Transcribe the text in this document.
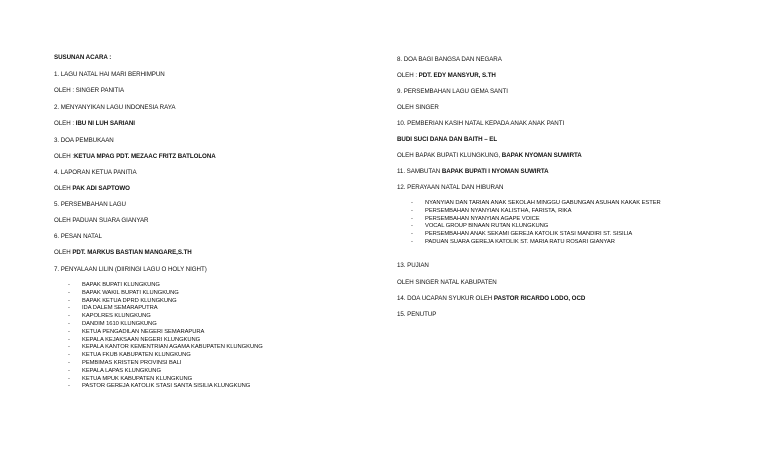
SUSUNAN ACARA :
1. LAGU NATAL HAI MARI BERHIMPUN
OLEH : SINGER PANITIA
2. MENYANYIKAN LAGU INDONESIA RAYA
OLEH : IBU NI LUH SARIANI
3. DOA PEMBUKAAN
OLEH :KETUA MPAG PDT. MEZAAC FRITZ BATLOLONA
4. LAPORAN KETUA PANITIA
OLEH PAK ADI SAPTOWO
5. PERSEMBAHAN LAGU
OLEH PADUAN SUARA GIANYAR
6. PESAN NATAL
OLEH PDT. MARKUS BASTIAN MANGARE,S.TH
7. PENYALAAN LILIN (DIIRINGI LAGU O HOLY NIGHT)
- BAPAK BUPATI KLUNGKUNG
- BAPAK WAKIL BUPATI KLUNGKUNG
- BAPAK KETUA DPRD KLUNGKUNG
- IDA DALEM SEMARAPUTRA
- KAPOLRES KLUNGKUNG
- DANDIM 1610 KLUNGKUNG
- KETUA PENGADILAN NEGERI SEMARAPURA
- KEPALA KEJAKSAAN NEGERI KLUNGKUNG
- KEPALA KANTOR KEMENTRIAN AGAMA KABUPATEN KLUNGKUNG
- KETUA FKUB KABUPATEN KLUNGKUNG
- PEMBIMAS KRISTEN PROVINSI BALI
- KEPALA LAPAS KLUNGKUNG
- KETUA MPUK KABUPATEN KLUNGKUNG
- PASTOR GEREJA KATOLIK STASI SANTA SISILIA KLUNGKUNG
8. DOA BAGI BANGSA DAN NEGARA
OLEH : PDT. EDY MANSYUR, S.TH
9. PERSEMBAHAN LAGU GEMA SANTI
OLEH SINGER
10. PEMBERIAN KASIH NATAL KEPADA ANAK ANAK PANTI
BUDI SUCI DANA DAN BAITH – EL
OLEH BAPAK BUPATI KLUNGKUNG, BAPAK NYOMAN SUWIRTA
11. SAMBUTAN BAPAK BUPATI I NYOMAN SUWIRTA
12. PERAYAAN NATAL DAN HIBURAN
- NYANYIAN DAN TARIAN ANAK SEKOLAH MINGGU GABUNGAN ASUHAN KAKAK ESTER
- PERSEMBAHAN NYANYIAN KALISTHA, FARISTA, RIKA
- PERSEMBAHAN NYANYIAN AGAPE VOICE
- VOCAL GROUP BINAAN RUTAN KLUNGKUNG
- PERSEMBAHAN ANAK SEKAMI GEREJA KATOLIK STASI MANDIRI ST. SISILIA
- PADUAN SUARA GEREJA KATOLIK ST. MARIA RATU ROSARI GIANYAR
13. PUJIAN
OLEH SINGER NATAL KABUPATEN
14. DOA UCAPAN SYUKUR OLEH PASTOR RICARDO LODO, OCD
15. PENUTUP
